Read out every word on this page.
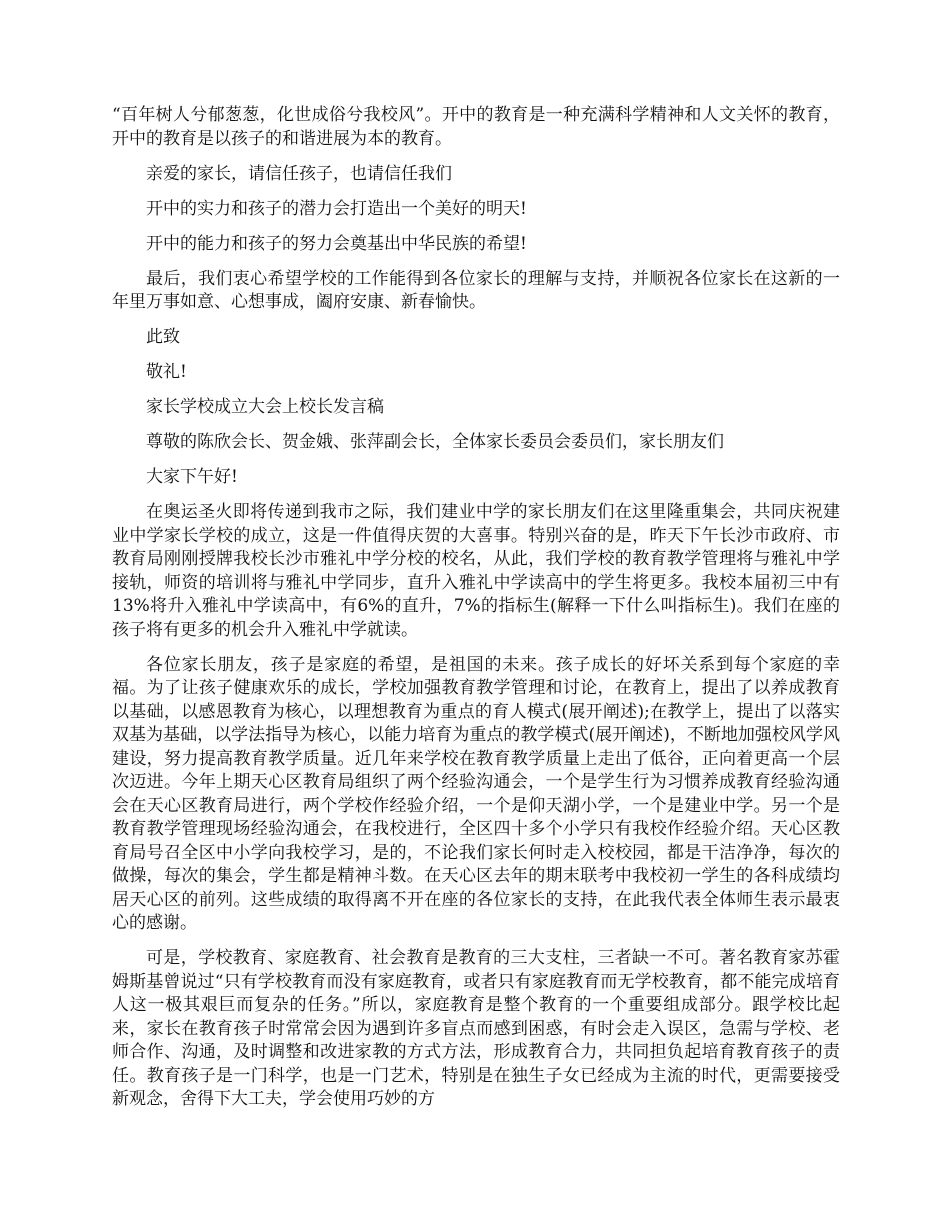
“百年树人兮郁葱葱，化世成俗兮我校风”。开中的教育是一种充满科学精神和人文关怀的教育，开中的教育是以孩子的和谐进展为本的教育。

亲爱的家长，请信任孩子，也请信任我们

开中的实力和孩子的潜力会打造出一个美好的明天!

开中的能力和孩子的努力会奠基出中华民族的希望!

最后，我们衷心希望学校的工作能得到各位家长的理解与支持，并顺祝各位家长在这新的一年里万事如意、心想事成，阖府安康、新春愉快。

此致

敬礼!

家长学校成立大会上校长发言稿

尊敬的陈欣会长、贺金娥、张萍副会长，全体家长委员会委员们，家长朋友们

大家下午好!

在奥运圣火即将传递到我市之际，我们建业中学的家长朋友们在这里隆重集会，共同庆祝建业中学家长学校的成立，这是一件值得庆贺的大喜事。特别兴奋的是，昨天下午长沙市政府、市教育局刚刚授牌我校长沙市雅礼中学分校的校名，从此，我们学校的教育教学管理将与雅礼中学接轨，师资的培训将与雅礼中学同步，直升入雅礼中学读高中的学生将更多。我校本届初三中有13%将升入雅礼中学读高中，有6%的直升，7%的指标生(解释一下什么叫指标生)。我们在座的孩子将有更多的机会升入雅礼中学就读。

各位家长朋友，孩子是家庭的希望，是祖国的未来。孩子成长的好坏关系到每个家庭的幸福。为了让孩子健康欢乐的成长，学校加强教育教学管理和讨论，在教育上，提出了以养成教育以基础，以感恩教育为核心，以理想教育为重点的育人模式(展开阐述);在教学上，提出了以落实双基为基础，以学法指导为核心，以能力培育为重点的教学模式(展开阐述)，不断地加强校风学风建设，努力提高教育教学质量。近几年来学校在教育教学质量上走出了低谷，正向着更高一个层次迈进。今年上期天心区教育局组织了两个经验沟通会，一个是学生行为习惯养成教育经验沟通会在天心区教育局进行，两个学校作经验介绍，一个是仰天湖小学，一个是建业中学。另一个是教育教学管理现场经验沟通会，在我校进行，全区四十多个小学只有我校作经验介绍。天心区教育局号召全区中小学向我校学习，是的，不论我们家长何时走入校校园，都是干洁净净，每次的做操，每次的集会，学生都是精神斗数。在天心区去年的期末联考中我校初一学生的各科成绩均居天心区的前列。这些成绩的取得离不开在座的各位家长的支持，在此我代表全体师生表示最衷心的感谢。

可是，学校教育、家庭教育、社会教育是教育的三大支柱，三者缺一不可。著名教育家苏霍姆斯基曾说过“只有学校教育而没有家庭教育，或者只有家庭教育而无学校教育，都不能完成培育人这一极其艰巨而复杂的任务。”所以，家庭教育是整个教育的一个重要组成部分。跟学校比起来，家长在教育孩子时常常会因为遇到许多盲点而感到困惑，有时会走入误区，急需与学校、老师合作、沟通，及时调整和改进家教的方式方法，形成教育合力，共同担负起培育教育孩子的责任。教育孩子是一门科学，也是一门艺术，特别是在独生子女已经成为主流的时代，更需要接受新观念，舍得下大工夫，学会使用巧妙的方
